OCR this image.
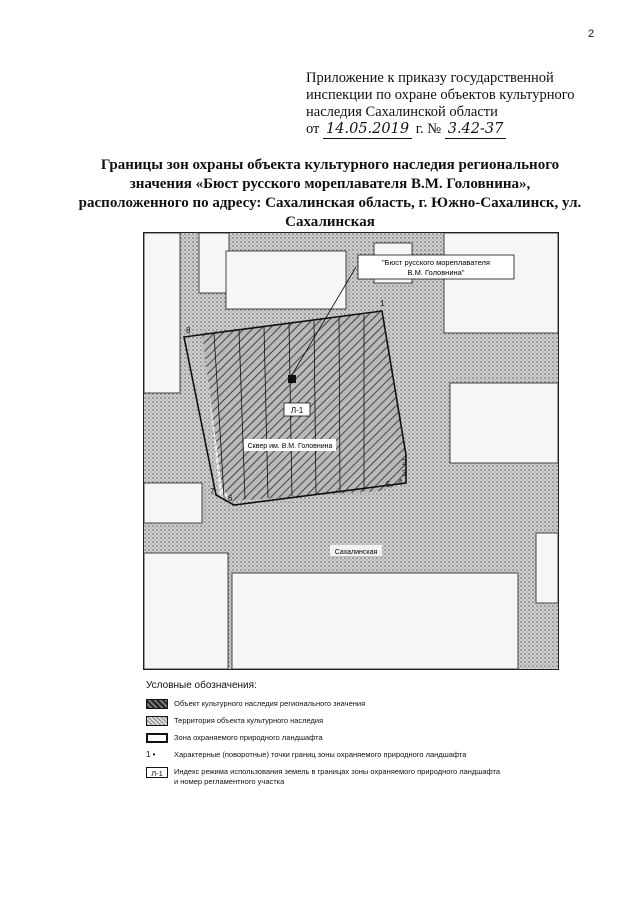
2
Приложение к приказу государственной
инспекции по охране объектов культурного
наследия Сахалинской области
от 14.05.2019 г. № 3.42-37
Границы зон охраны объекта культурного наследия регионального
значения «Бюст русского мореплавателя В.М. Головнина»,
расположенного по адресу: Сахалинская область, г. Южно-Сахалинск, ул.
Сахалинская
"Бюст русского мореплавателя
В.М. Головнина"
Л-1
Сквер им. В.М. Головнина
Сахалинская
1
2
3
4
5
6
7
8
Условные обозначения:
Объект культурного наследия регионального значения
Территория объекта культурного наследия
Зона охраняемого природного ландшафта
1 •	Характерные (поворотные) точки границ зоны охраняемого природного ландшафта
Л-1	Индекс режима использования земель в границах зоны охраняемого природного ландшафта
и номер регламентного участка
